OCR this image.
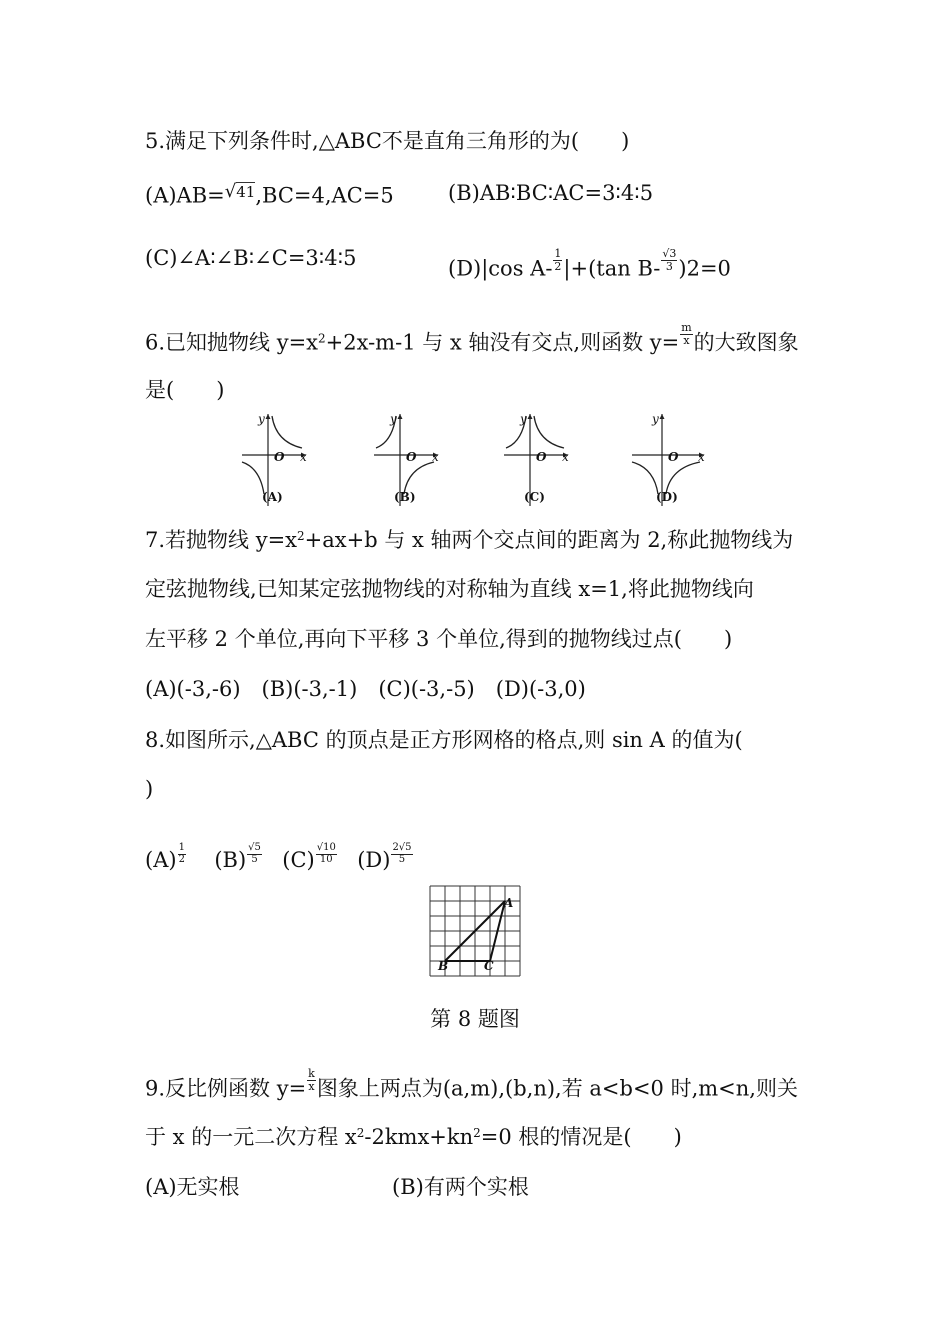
5.满足下列条件时,△ABC不是直角三角形的为(　　)
(A)AB=√$^{41}$,BC=4,AC=5	(B)AB∶BC∶AC=3∶4∶5
(C)∠A∶∠B∶∠C=3∶4∶5	(D)|cos $A- \frac{1}{2} |+(\tan$ $B- \frac{√3}{3} )2=0$
6.已知抛物线 $y=x^2+2x-m-1$ 与 x 轴没有交点,则函数 $y= \frac{m}{x}$ 的大致图象
是(　　)
y
O x
(A)
y
O x
(B)
y
O x
(C)
y
O x
(D)
7.若抛物线 $y=x^2+ax+b$ 与 x 轴两个交点间的距离为 2,称此抛物线为
定弦抛物线,已知某定弦抛物线的对称轴为直线 x=1,将此抛物线向
左平移 2 个单位,再向下平移 3 个单位,得到的抛物线过点(　　)
(A)(-3,-6)　(B)(-3,-1)　(C)(-3,-5)　(D)(-3,0)
8.如图所示,△ABC 的顶点是正方形网格的格点,则 sin A 的值为(
)
$(A) \frac{1}{2} (B) \frac{√5}{5} (C) \frac{√10}{10} (D) \frac{2√5}{5}$
A
B	C
第 8 题图
9.反比例函数 $y= \frac{k}{x}$ 图象上两点为(a,m),(b,n),若 a<b<0 时,m<n,则关
于 x 的一元二次方程 $x^2-2kmx+kn^2=0$ 根的情况是(　　)
(A)无实根	(B)有两个实根
